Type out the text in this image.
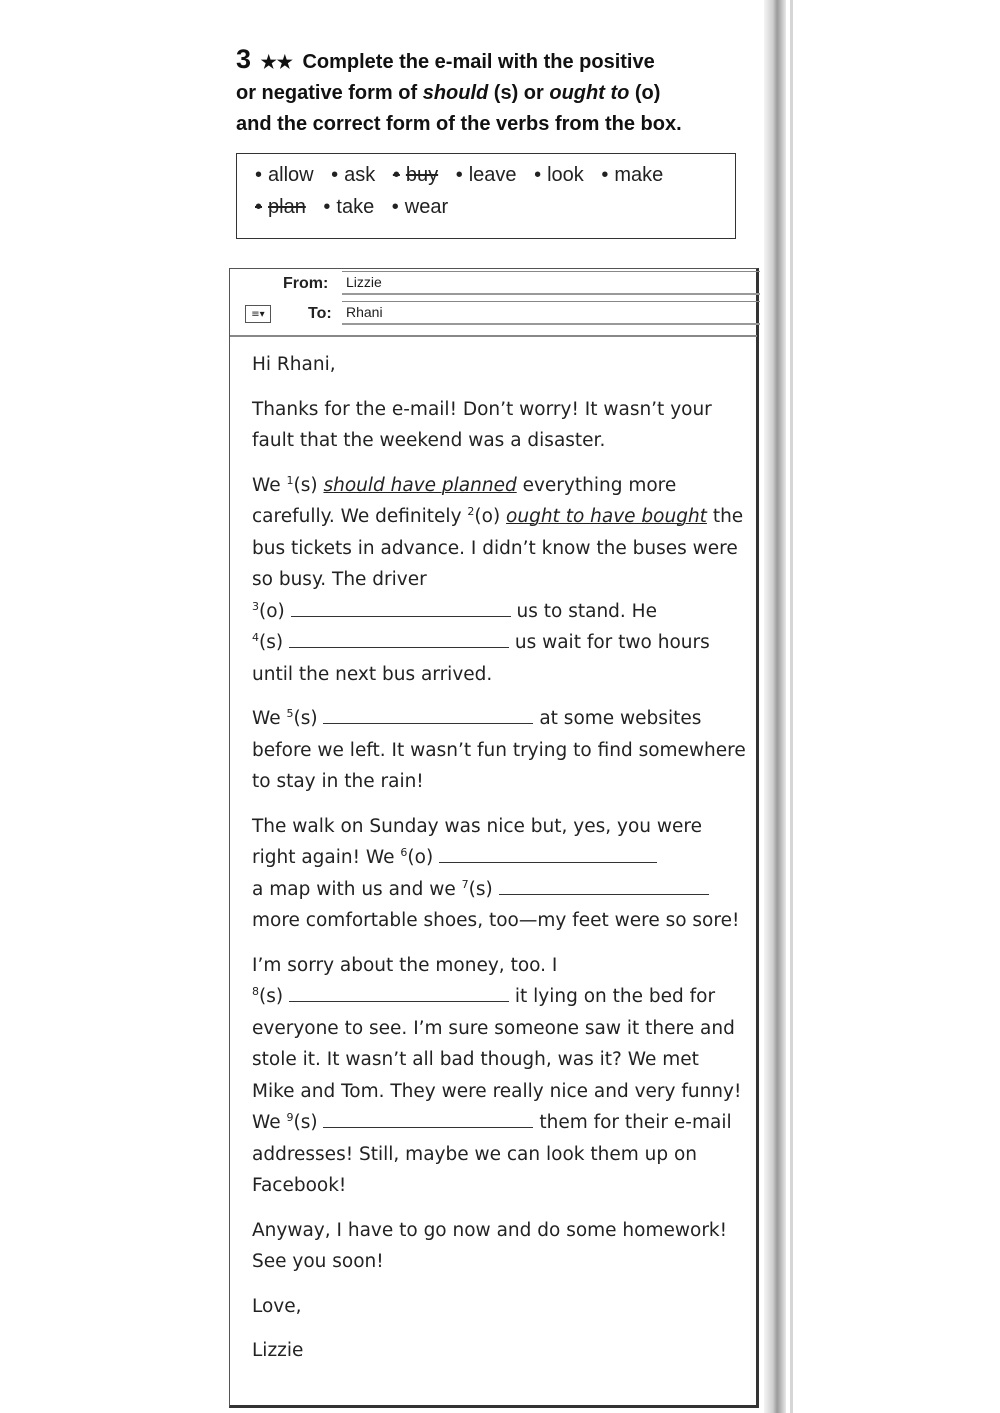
3 ★★ Complete the e-mail with the positive
or negative form of should (s) or ought to (o)
and the correct form of the verbs from the box.
• allow • ask • buy • leave • look • make
• plan • take • wear
From: Lizzie
≡▾	To: Rhani

Hi Rhani,

Thanks for the e-mail! Don’t worry! It wasn’t your fault that the weekend was a disaster.

We $^1$(s) should have planned everything more carefully. We definitely $^2$(o) ought to have bought the bus tickets in advance. I didn’t know the buses were so busy. The driver
$^3$(o)	us to stand. He
$^4$(s)	us wait for two hours until the next bus arrived.

We $^5$(s)	at some websites before we left. It wasn’t fun trying to find somewhere to stay in the rain!

The walk on Sunday was nice but, yes, you were right again! We $^6$(o)
a map with us and we $^7$(s)  more comfortable shoes, too—my feet were so sore!

I’m sorry about the money, too. I
$^8$(s)	it lying on the bed for everyone to see. I’m sure someone saw it there and stole it. It wasn’t all bad though, was it? We met Mike and Tom. They were really nice and very funny! We $^9$(s)	them for their e-mail addresses! Still, maybe we can look them up on Facebook!

Anyway, I have to go now and do some homework! See you soon!

Love,

Lizzie
